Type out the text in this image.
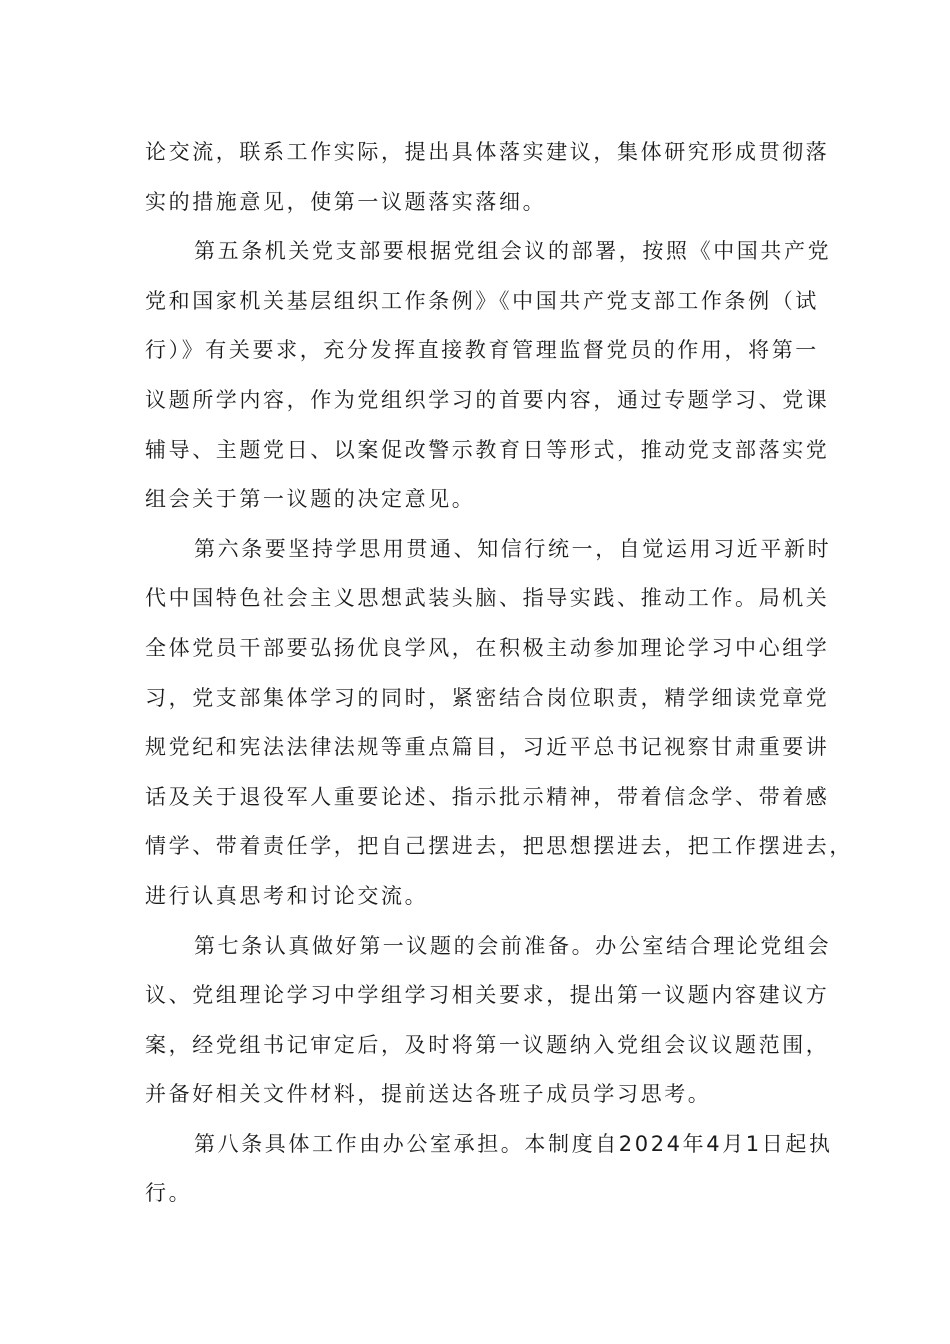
论交流，联系工作实际，提出具体落实建议，集体研究形成贯彻落
实的措施意见，使第一议题落实落细。
第五条机关党支部要根据党组会议的部署，按照《中国共产党
党和国家机关基层组织工作条例》《中国共产党支部工作条例（试
行）》有关要求，充分发挥直接教育管理监督党员的作用，将第一
议题所学内容，作为党组织学习的首要内容，通过专题学习、党课
辅导、主题党日、以案促改警示教育日等形式，推动党支部落实党
组会关于第一议题的决定意见。
第六条要坚持学思用贯通、知信行统一，自觉运用习近平新时
代中国特色社会主义思想武装头脑、指导实践、推动工作。局机关
全体党员干部要弘扬优良学风，在积极主动参加理论学习中心组学
习，党支部集体学习的同时，紧密结合岗位职责，精学细读党章党
规党纪和宪法法律法规等重点篇目，习近平总书记视察甘肃重要讲
话及关于退役军人重要论述、指示批示精神，带着信念学、带着感
情学、带着责任学，把自己摆进去，把思想摆进去，把工作摆进去，
进行认真思考和讨论交流。
第七条认真做好第一议题的会前准备。办公室结合理论党组会
议、党组理论学习中学组学习相关要求，提出第一议题内容建议方
案，经党组书记审定后，及时将第一议题纳入党组会议议题范围，
并备好相关文件材料，提前送达各班子成员学习思考。
第八条具体工作由办公室承担。本制度自2024年4月1日起执
行。
